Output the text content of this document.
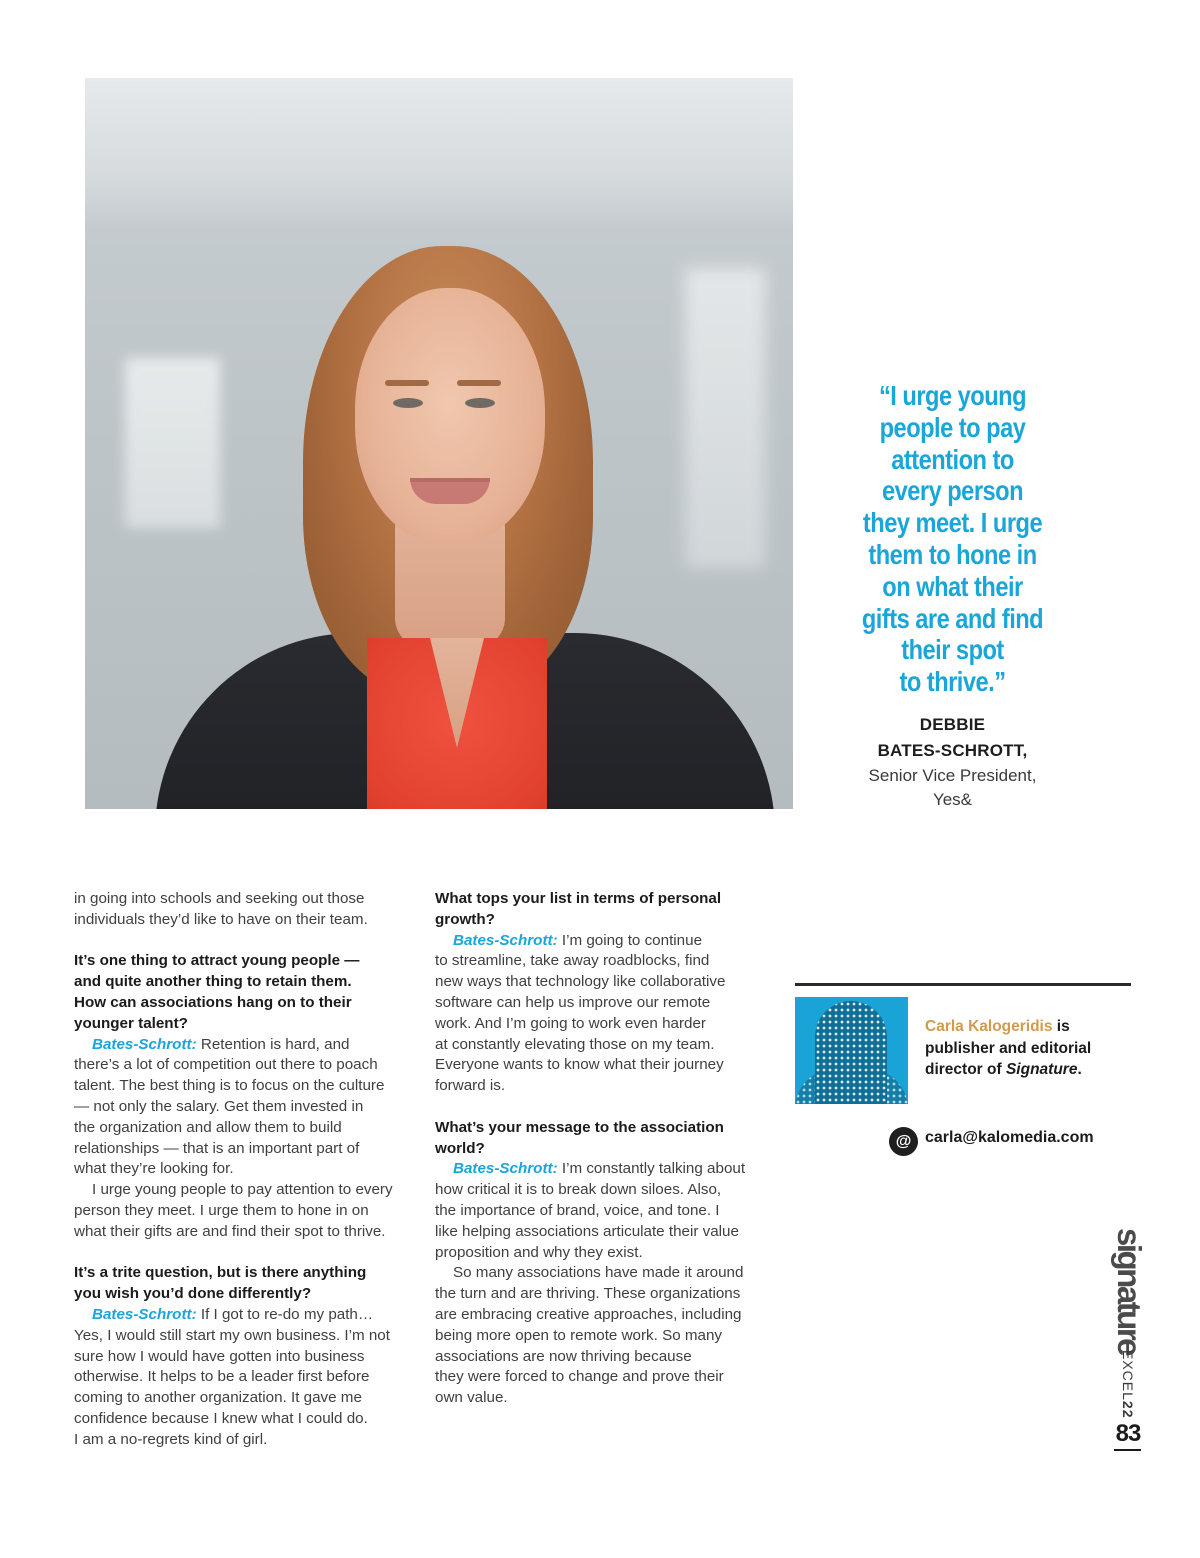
“I urge young
people to pay
attention to
every person
they meet. I urge
them to hone in
on what their
gifts are and find
their spot
to thrive.”
DEBBIE
BATES-SCHROTT,
Senior Vice President,
Yes&
in going into schools and seeking out those
individuals they’d like to have on their team.
It’s one thing to attract young people —
and quite another thing to retain them.
How can associations hang on to their
younger talent?
Bates-Schrott: Retention is hard, and
there’s a lot of competition out there to poach
talent. The best thing is to focus on the culture
— not only the salary. Get them invested in
the organization and allow them to build
relationships — that is an important part of
what they’re looking for.
I urge young people to pay attention to every
person they meet. I urge them to hone in on
what their gifts are and find their spot to thrive.
It’s a trite question, but is there anything
you wish you’d done differently?
Bates-Schrott: If I got to re-do my path…
Yes, I would still start my own business. I’m not
sure how I would have gotten into business
otherwise. It helps to be a leader first before
coming to another organization. It gave me
confidence because I knew what I could do.
I am a no-regrets kind of girl.
What tops your list in terms of personal
growth?
Bates-Schrott: I’m going to continue
to streamline, take away roadblocks, find
new ways that technology like collaborative
software can help us improve our remote
work. And I’m going to work even harder
at constantly elevating those on my team.
Everyone wants to know what their journey
forward is.
What’s your message to the association
world?
Bates-Schrott: I’m constantly talking about
how critical it is to break down siloes. Also,
the importance of brand, voice, and tone. I
like helping associations articulate their value
proposition and why they exist.
So many associations have made it around
the turn and are thriving. These organizations
are embracing creative approaches, including
being more open to remote work. So many
associations are now thriving because
they were forced to change and prove their
own value.
Carla Kalogeridis is
publisher and editorial
director of Signature.
@ carla@kalomedia.com
signature
EXCEL22
83
